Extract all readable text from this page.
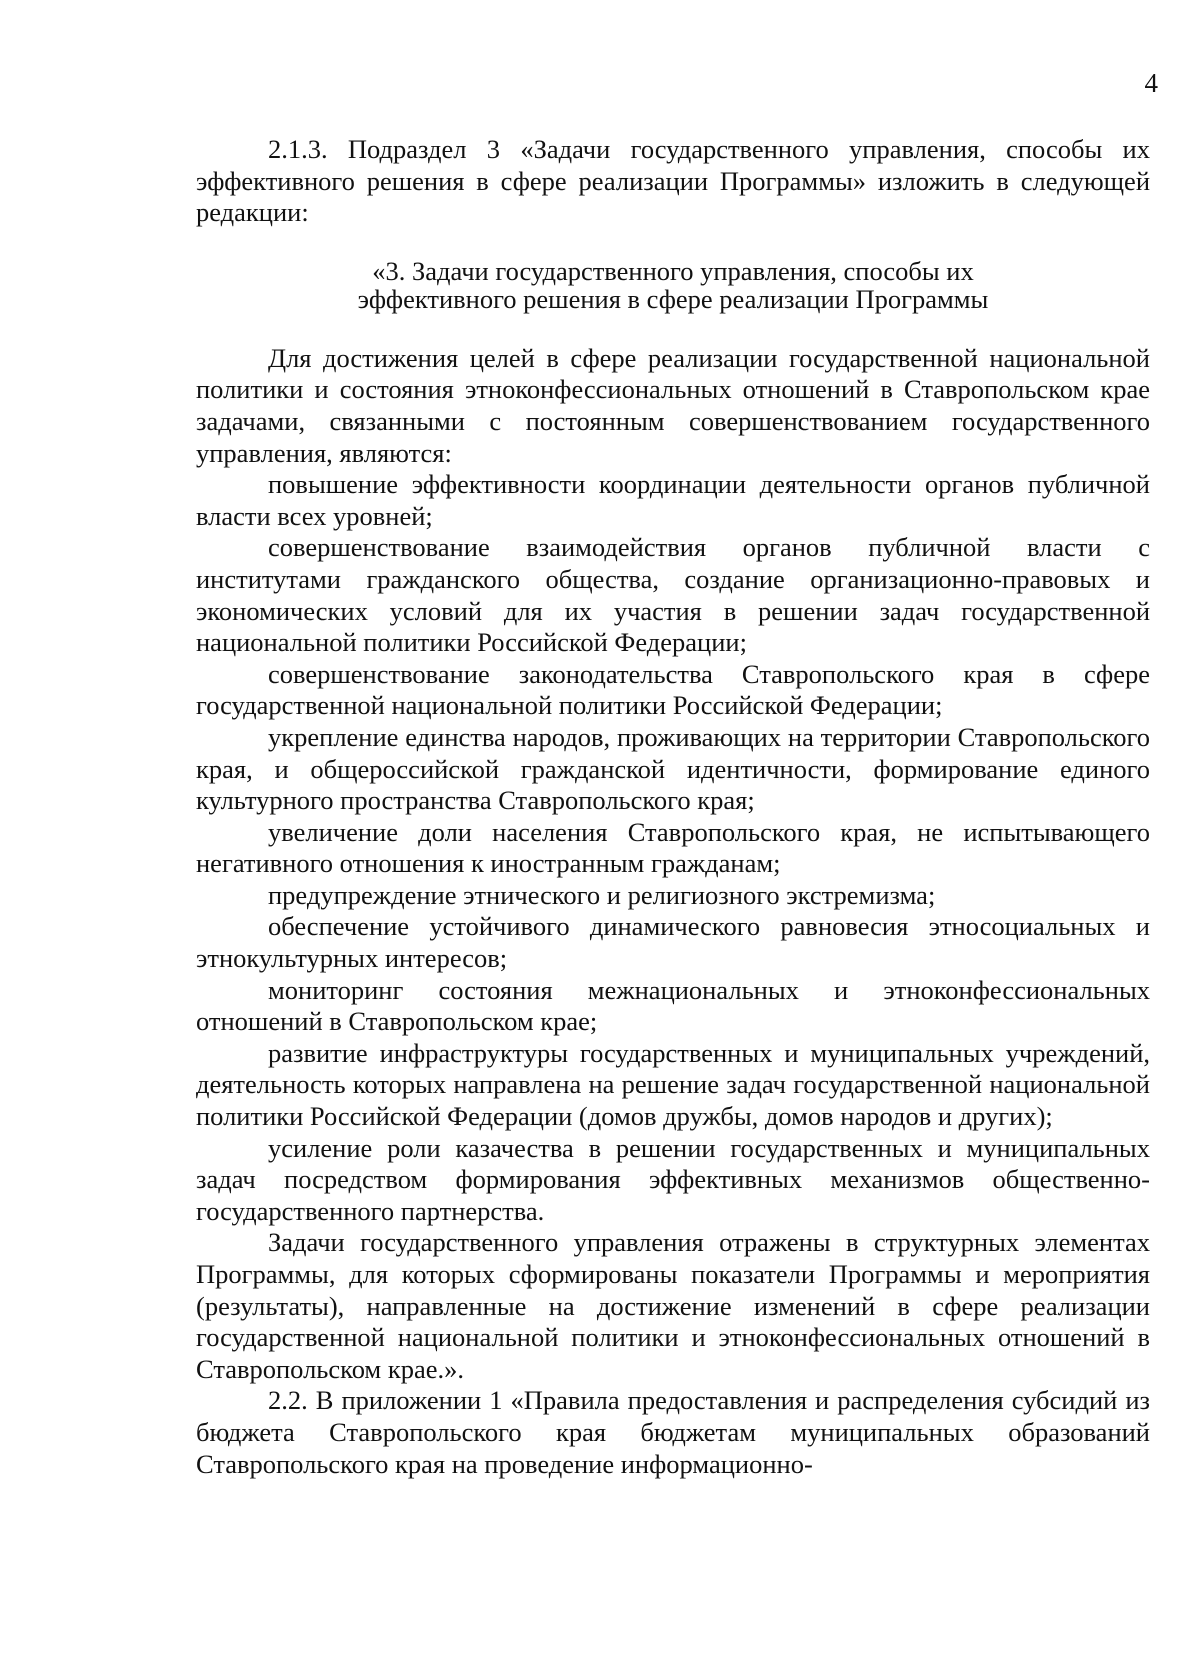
4

2.1.3. Подраздел 3 «Задачи государственного управления, способы их эффективного решения в сфере реализации Программы» изложить в следующей редакции:

«3. Задачи государственного управления, способы их
эффективного решения в сфере реализации Программы

Для достижения целей в сфере реализации государственной национальной политики и состояния этноконфессиональных отношений в Ставропольском крае задачами, связанными с постоянным совершенствованием государственного управления, являются:

повышение эффективности координации деятельности органов публичной власти всех уровней;

совершенствование взаимодействия органов публичной власти с институтами гражданского общества, создание организационно-правовых и экономических условий для их участия в решении задач государственной национальной политики Российской Федерации;

совершенствование законодательства Ставропольского края в сфере государственной национальной политики Российской Федерации;

укрепление единства народов, проживающих на территории Ставропольского края, и общероссийской гражданской идентичности, формирование единого культурного пространства Ставропольского края;

увеличение доли населения Ставропольского края, не испытывающего негативного отношения к иностранным гражданам;

предупреждение этнического и религиозного экстремизма;

обеспечение устойчивого динамического равновесия этносоциальных и этнокультурных интересов;

мониторинг состояния межнациональных и этноконфессиональных отношений в Ставропольском крае;

развитие инфраструктуры государственных и муниципальных учреждений, деятельность которых направлена на решение задач государственной национальной политики Российской Федерации (домов дружбы, домов народов и других);

усиление роли казачества в решении государственных и муниципальных задач посредством формирования эффективных механизмов общественно-государственного партнерства.

Задачи государственного управления отражены в структурных элементах Программы, для которых сформированы показатели Программы и мероприятия (результаты), направленные на достижение изменений в сфере реализации государственной национальной политики и этноконфессиональных отношений в Ставропольском крае.».

2.2. В приложении 1 «Правила предоставления и распределения субсидий из бюджета Ставропольского края бюджетам муниципальных образований Ставропольского края на проведение информационно-
